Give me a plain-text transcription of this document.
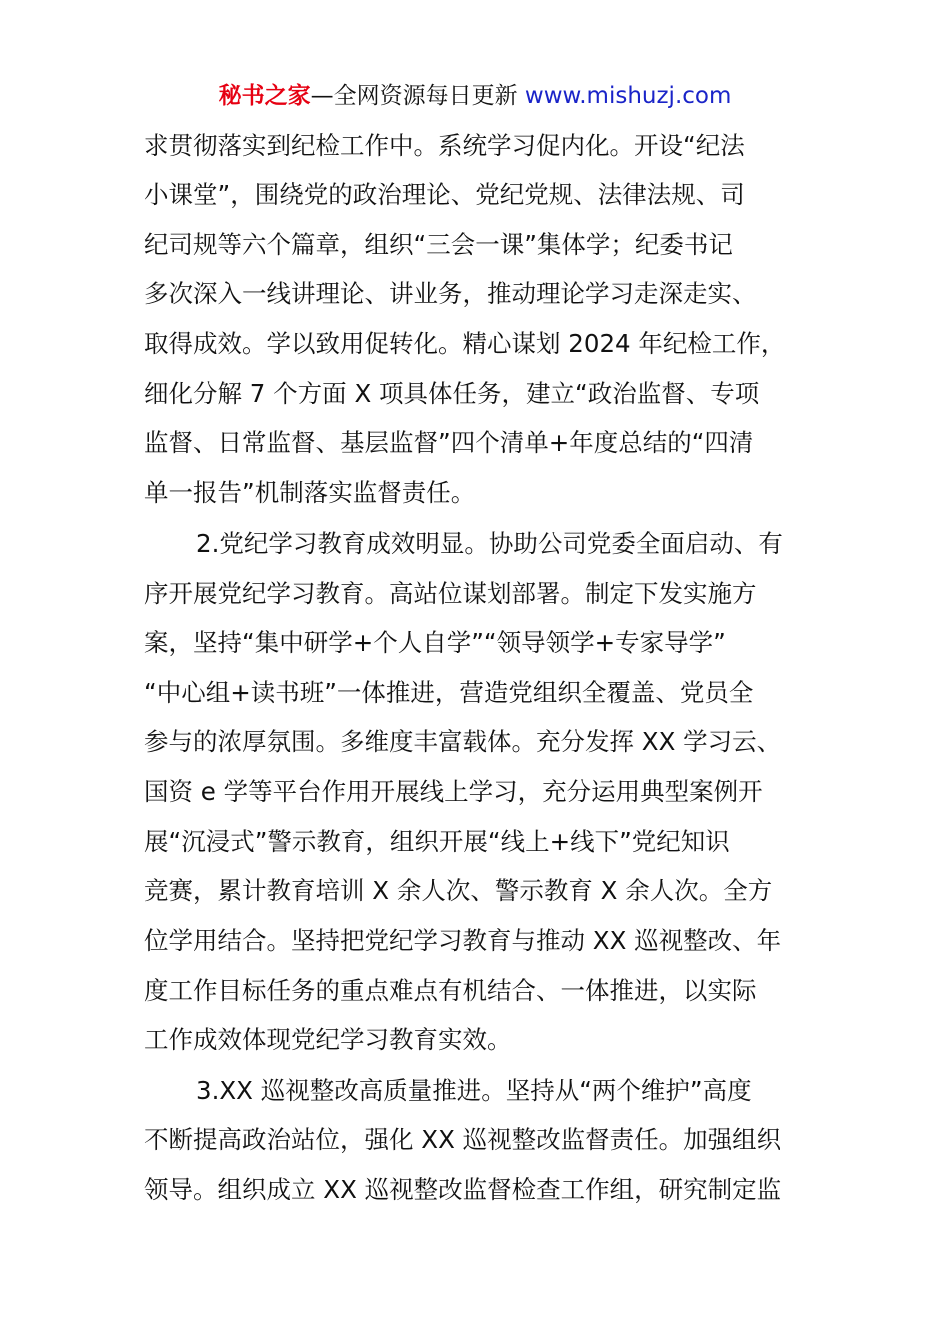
秘书之家—全网资源每日更新 www.mishuzj.com
求贯彻落实到纪检工作中。系统学习促内化。开设“纪法
小课堂”，围绕党的政治理论、党纪党规、法律法规、司
纪司规等六个篇章，组织“三会一课”集体学；纪委书记
多次深入一线讲理论、讲业务，推动理论学习走深走实、
取得成效。学以致用促转化。精心谋划 2024 年纪检工作，
细化分解 7 个方面 X 项具体任务，建立“政治监督、专项
监督、日常监督、基层监督”四个清单+年度总结的“四清
单一报告”机制落实监督责任。
2.党纪学习教育成效明显。协助公司党委全面启动、有
序开展党纪学习教育。高站位谋划部署。制定下发实施方
案，坚持“集中研学+个人自学”“领导领学+专家导学”
“中心组+读书班”一体推进，营造党组织全覆盖、党员全
参与的浓厚氛围。多维度丰富载体。充分发挥 XX 学习云、
国资 e 学等平台作用开展线上学习，充分运用典型案例开
展“沉浸式”警示教育，组织开展“线上+线下”党纪知识
竞赛，累计教育培训 X 余人次、警示教育 X 余人次。全方
位学用结合。坚持把党纪学习教育与推动 XX 巡视整改、年
度工作目标任务的重点难点有机结合、一体推进，以实际
工作成效体现党纪学习教育实效。
3.XX 巡视整改高质量推进。坚持从“两个维护”高度
不断提高政治站位，强化 XX 巡视整改监督责任。加强组织
领导。组织成立 XX 巡视整改监督检查工作组，研究制定监
